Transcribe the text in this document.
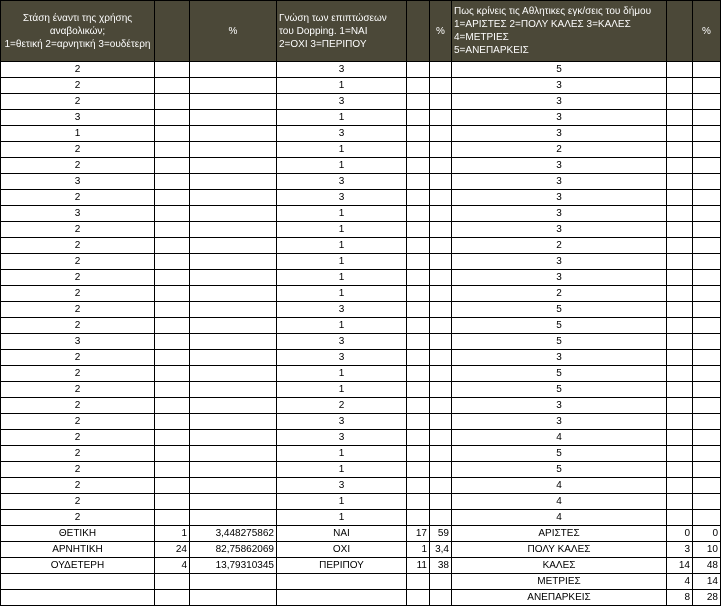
Στάση έναντι της χρήσης αναβολικών;
1=θετική 2=αρνητική 3=ουδέτερη		%	Γνώση των επιπτώσεων του Dopping. 1=ΝΑΙ
2=ΟΧΙ 3=ΠΕΡΙΠΟΥ		%	Πως κρίνεις τις Αθλητικες εγκ/σεις του δήμου
1=ΑΡΙΣΤΕΣ 2=ΠΟΛΥ ΚΑΛΕΣ 3=ΚΑΛΕΣ 4=ΜΕΤΡΙΕΣ
5=ΑΝΕΠΑΡΚΕΙΣ		%
2			3			5		
2			1			3		
2			3			3		
3			1			3		
1			3			3		
2			1			2		
2			1			3		
3			3			3		
2			3			3		
3			1			3		
2			1			3		
2			1			2		
2			1			3		
2			1			3		
2			1			2		
2			3			5		
2			1			5		
3			3			5		
2			3			3		
2			1			5		
2			1			5		
2			2			3		
2			3			3		
2			3			4		
2			1			5		
2			1			5		
2			3			4		
2			1			4		
2			1			4		
ΘΕΤΙΚΗ	1	3,448275862	ΝΑΙ	17	59	ΑΡΙΣΤΕΣ	0	0
ΑΡΝΗΤΙΚΗ	24	82,75862069	ΟΧΙ	1	3,4	ΠΟΛΥ ΚΑΛΕΣ	3	10
ΟΥΔΕΤΕΡΗ	4	13,79310345	ΠΕΡΙΠΟΥ	11	38	ΚΑΛΕΣ	14	48
						ΜΕΤΡΙΕΣ	4	14
						ΑΝΕΠΑΡΚΕΙΣ	8	28
